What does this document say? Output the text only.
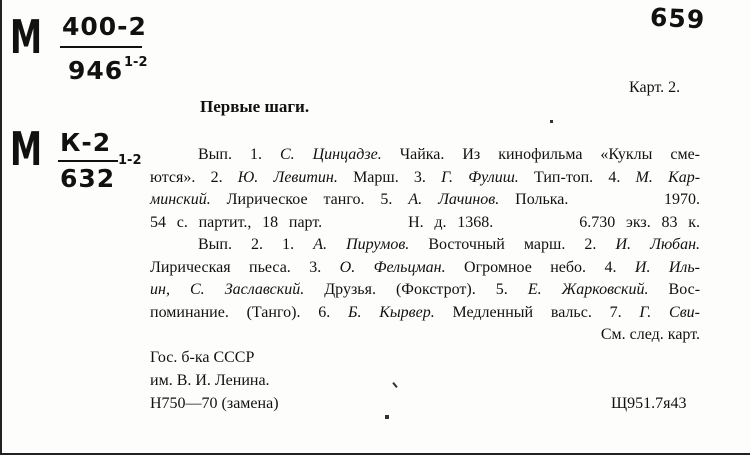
М 400-2
946 1-2
М К-2
632
1-2
659
Карт. 2.
Первые шаги.
Вып. 1. С. Цинцадзе. Чайка. Из кинофильма «Куклы сме-
ются». 2. Ю. Левитин. Марш. 3. Г. Фулиш. Тип-топ. 4. М. Кар-
минский. Лирическое танго. 5. А. Лачинов. Полька.      1970.
54 с. партит., 18 парт.        Н. д. 1368.        6.730 экз. 83 к.
Вып. 2. 1. А. Пирумов. Восточный марш. 2. И. Любан.
Лирическая пьеса. 3. О. Фельцман. Огромное небо. 4. И. Иль-
ин, С. Заславский. Друзья. (Фокстрот). 5. Е. Жарковский. Вос-
поминание. (Танго). 6. Б. Кырвер. Медленный вальс. 7. Г. Сви-
См. след. карт.
Гос. б-ка СССР
им. В. И. Ленина.
Н750—70 (замена)	Щ951.7я43
